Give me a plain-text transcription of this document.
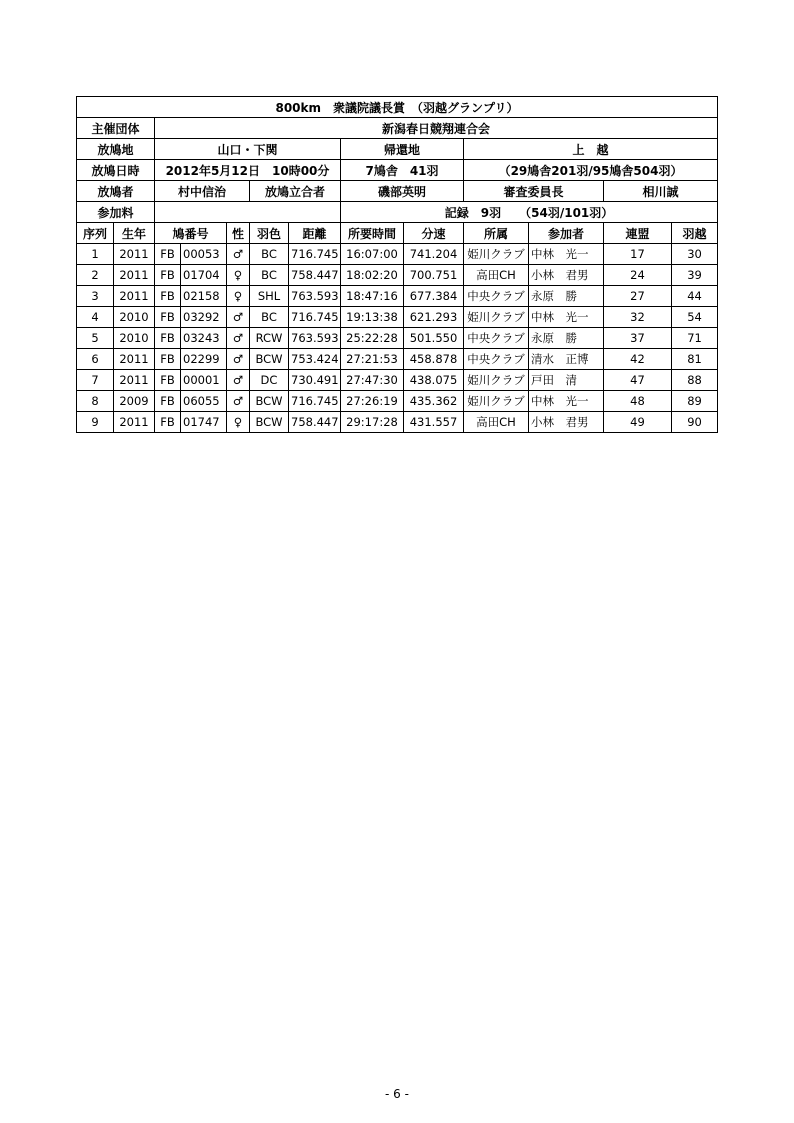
800km　衆議院議長賞　（羽越グランプリ）												
主催団体		新潟春日競翔連合会										
放鳩地		山口・下関					帰還地		上　越			
放鳩日時		2012年5月12日　10時00分					7鳩舎　41羽		（29鳩舎201羽/95鳩舎504羽）			
放鳩者		村中信治			放鳩立合者		磯部英明		審査委員長		相川誠	
参加料							記録　9羽　　（54羽/101羽）					
序列	生年	鳩番号		性	羽色	距離	所要時間	分速	所属	参加者	連盟	羽越
1	2011	FB	00053	♂	BC	716.745	16:07:00	741.204	姫川クラブ	中林　光一	17	30
2	2011	FB	01704	♀	BC	758.447	18:02:20	700.751	高田CH	小林　君男	24	39
3	2011	FB	02158	♀	SHL	763.593	18:47:16	677.384	中央クラブ	永原　勝	27	44
4	2010	FB	03292	♂	BC	716.745	19:13:38	621.293	姫川クラブ	中林　光一	32	54
5	2010	FB	03243	♂	RCW	763.593	25:22:28	501.550	中央クラブ	永原　勝	37	71
6	2011	FB	02299	♂	BCW	753.424	27:21:53	458.878	中央クラブ	清水　正博	42	81
7	2011	FB	00001	♂	DC	730.491	27:47:30	438.075	姫川クラブ	戸田　清	47	88
8	2009	FB	06055	♂	BCW	716.745	27:26:19	435.362	姫川クラブ	中林　光一	48	89
9	2011	FB	01747	♀	BCW	758.447	29:17:28	431.557	高田CH	小林　君男	49	90
- 6 -
